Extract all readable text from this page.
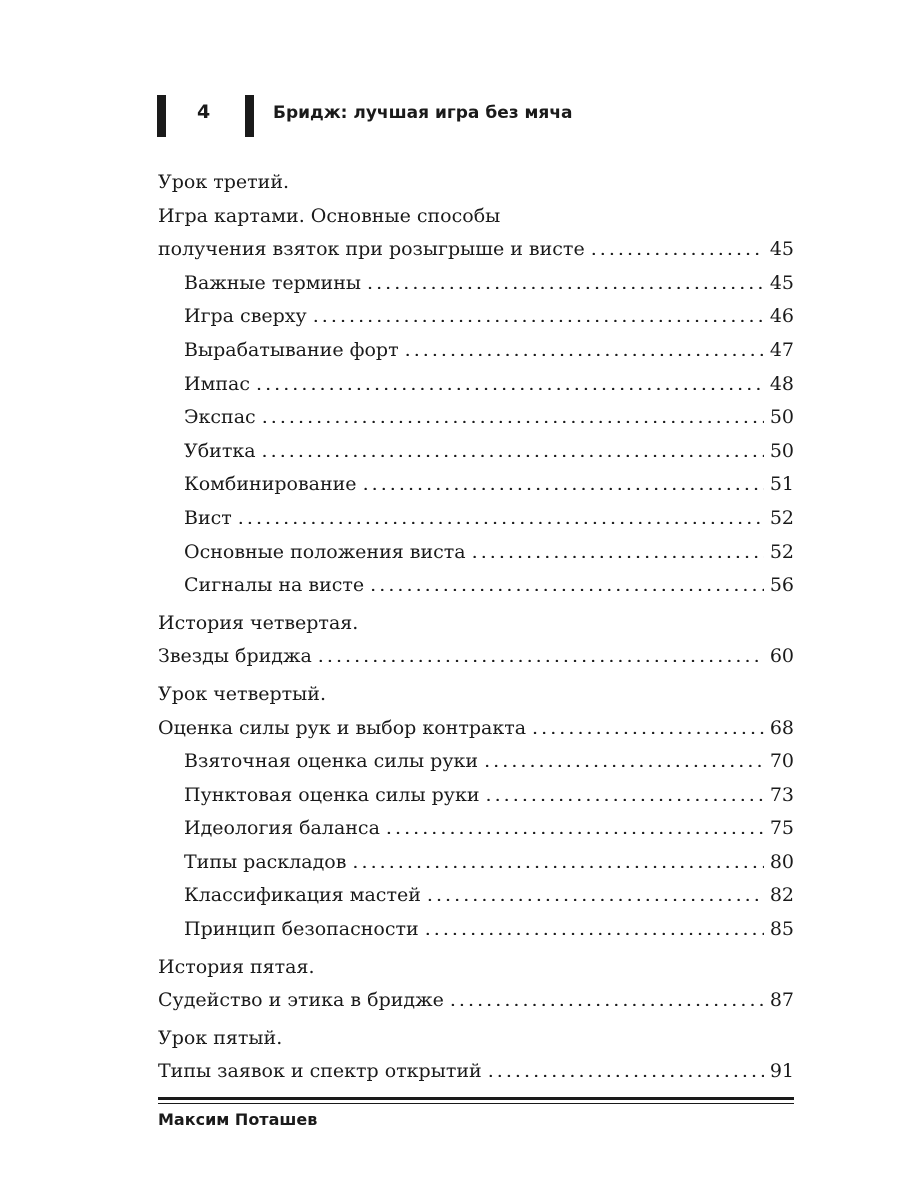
4	Бридж: лучшая игра без мяча
Урок третий.
Игра картами. Основные способы
получения взяток при розыгрыше и висте . . .	45
Важные термины . . .	45
Игра сверху . . .	46
Вырабатывание форт . . .	47
Импас . . .	48
Экспас . . .	50
Убитка . . .	50
Комбинирование . . .	51
Вист . . .	52
Основные положения виста . . .	52
Сигналы на висте . . .	56
История четвертая.
Звезды бриджа . . .	60
Урок четвертый.
Оценка силы рук и выбор контракта . . .	68
Взяточная оценка силы руки . . .	70
Пунктовая оценка силы руки . . .	73
Идеология баланса . . .	75
Типы раскладов . . .	80
Классификация мастей . . .	82
Принцип безопасности . . .	85
История пятая.
Судейство и этика в бридже . . .	87
Урок пятый.
Типы заявок и спектр открытий . . .	91
Максим Поташев
